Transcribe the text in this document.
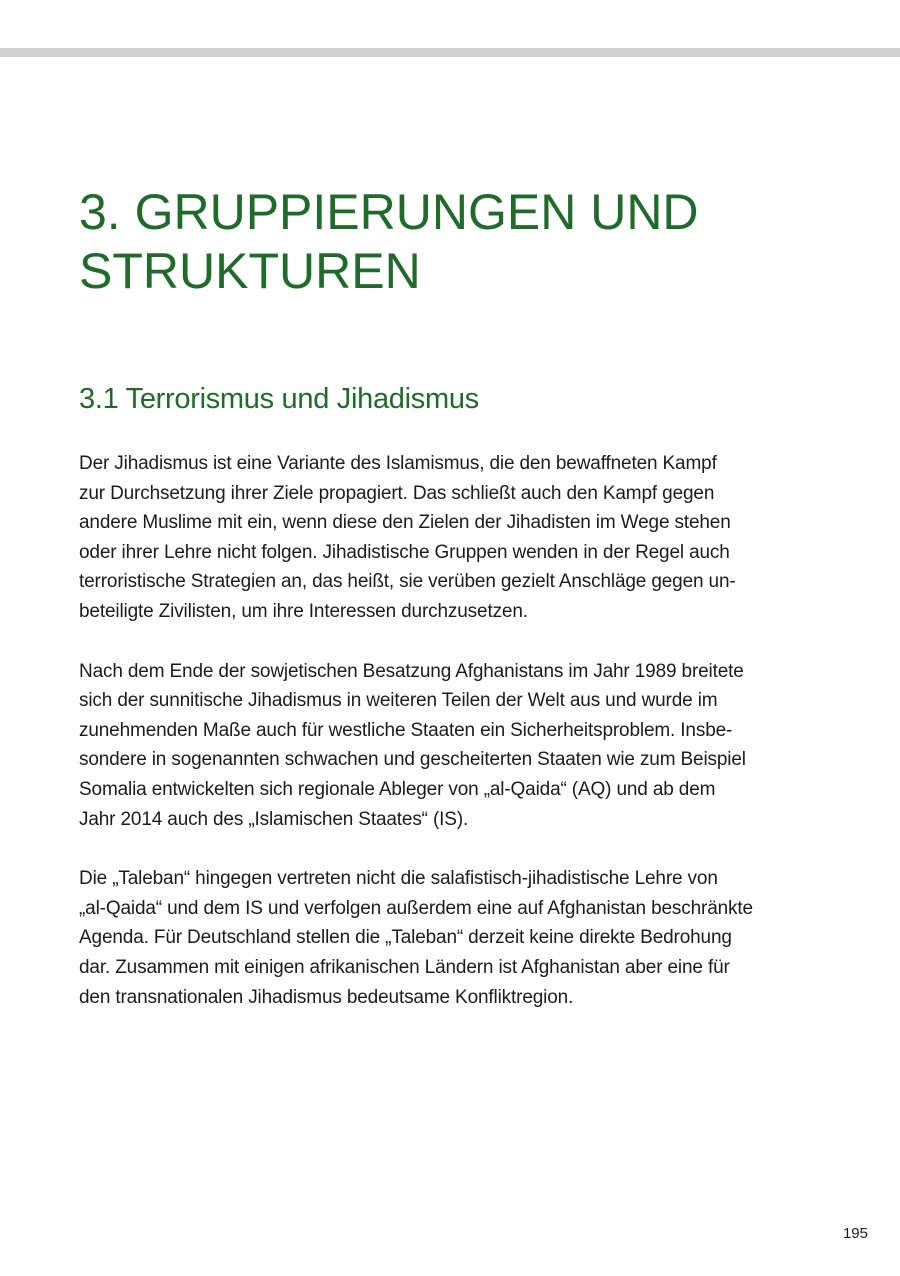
3. GRUPPIERUNGEN UND
STRUKTUREN
3.1 Terrorismus und Jihadismus

Der Jihadismus ist eine Variante des Islamismus, die den bewaffneten Kampf
zur Durchsetzung ihrer Ziele propagiert. Das schließt auch den Kampf gegen
andere Muslime mit ein, wenn diese den Zielen der Jihadisten im Wege stehen
oder ihrer Lehre nicht folgen. Jihadistische Gruppen wenden in der Regel auch
terroristische Strategien an, das heißt, sie verüben gezielt Anschläge gegen un-
beteiligte Zivilisten, um ihre Interessen durchzusetzen.

Nach dem Ende der sowjetischen Besatzung Afghanistans im Jahr 1989 breitete
sich der sunnitische Jihadismus in weiteren Teilen der Welt aus und wurde im
zunehmenden Maße auch für westliche Staaten ein Sicherheitsproblem. Insbe-
sondere in sogenannten schwachen und gescheiterten Staaten wie zum Beispiel
Somalia entwickelten sich regionale Ableger von „al-Qaida“ (AQ) und ab dem
Jahr 2014 auch des „Islamischen Staates“ (IS).

Die „Taleban“ hingegen vertreten nicht die salafistisch-jihadistische Lehre von
„al-Qaida“ und dem IS und verfolgen außerdem eine auf Afghanistan beschränkte
Agenda. Für Deutschland stellen die „Taleban“ derzeit keine direkte Bedrohung
dar. Zusammen mit einigen afrikanischen Ländern ist Afghanistan aber eine für
den transnationalen Jihadismus bedeutsame Konfliktregion.

195
